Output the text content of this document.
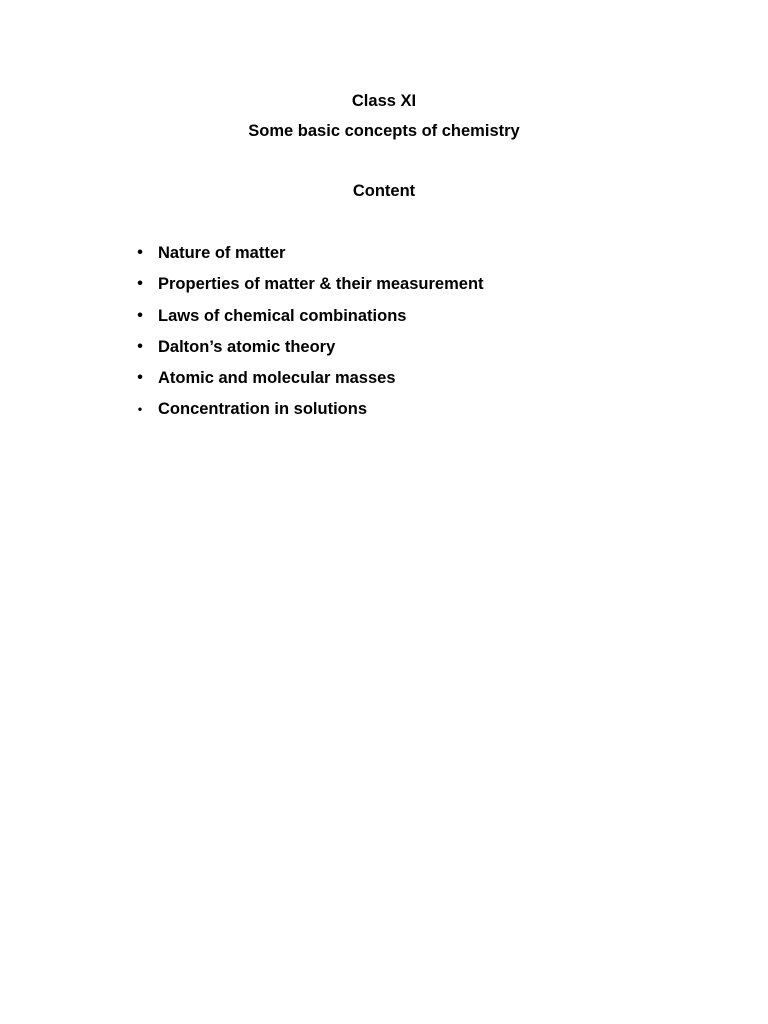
Class XI

Some basic concepts of chemistry

Content

• Nature of matter
• Properties of matter & their measurement
• Laws of chemical combinations
• Dalton’s atomic theory
• Atomic and molecular masses
• Concentration in solutions
